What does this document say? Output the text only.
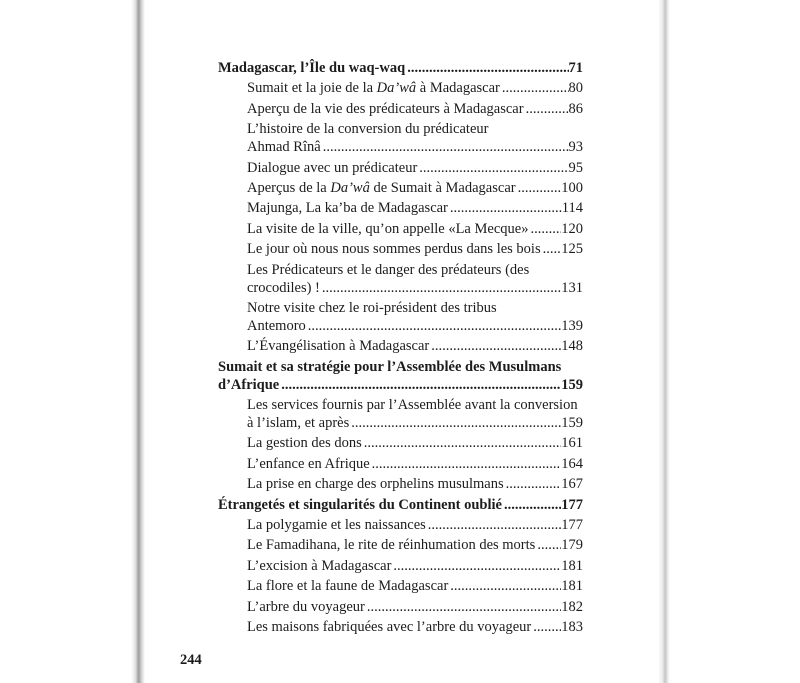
Madagascar, l’Île du waq-waq .....	71
Sumait et la joie de la Da’wâ à Madagascar .....	80
Aperçu de la vie des prédicateurs à Madagascar .....	86
L’histoire de la conversion du prédicateur
Ahmad Rînâ .....	93
Dialogue avec un prédicateur .....	95
Aperçus de la Da’wâ de Sumait à Madagascar .....	100
Majunga, La ka’ba de Madagascar .....	114
La visite de la ville, qu’on appelle «La Mecque» ..... 120
Le jour où nous nous sommes perdus dans les bois ..... 125
Les Prédicateurs et le danger des prédateurs (des
crocodiles) ! .....	131
Notre visite chez le roi-président des tribus
Antemoro .....	139
L’Évangélisation à Madagascar .....	148
Sumait et sa stratégie pour l’Assemblée des Musulmans
d’Afrique .....	159
Les services fournis par l’Assemblée avant la conversion
à l’islam, et après .....	159
La gestion des dons .....	161
L’enfance en Afrique .....	164
La prise en charge des orphelins musulmans .....	167
Étrangetés et singularités du Continent oublié .....	177
La polygamie et les naissances .....	177
Le Famadihana, le rite de réinhumation des morts ..... 179
L’excision à Madagascar .....	181
La flore et la faune de Madagascar .....	181
L’arbre du voyageur .....	182
Les maisons fabriquées avec l’arbre du voyageur ..... 183
244
